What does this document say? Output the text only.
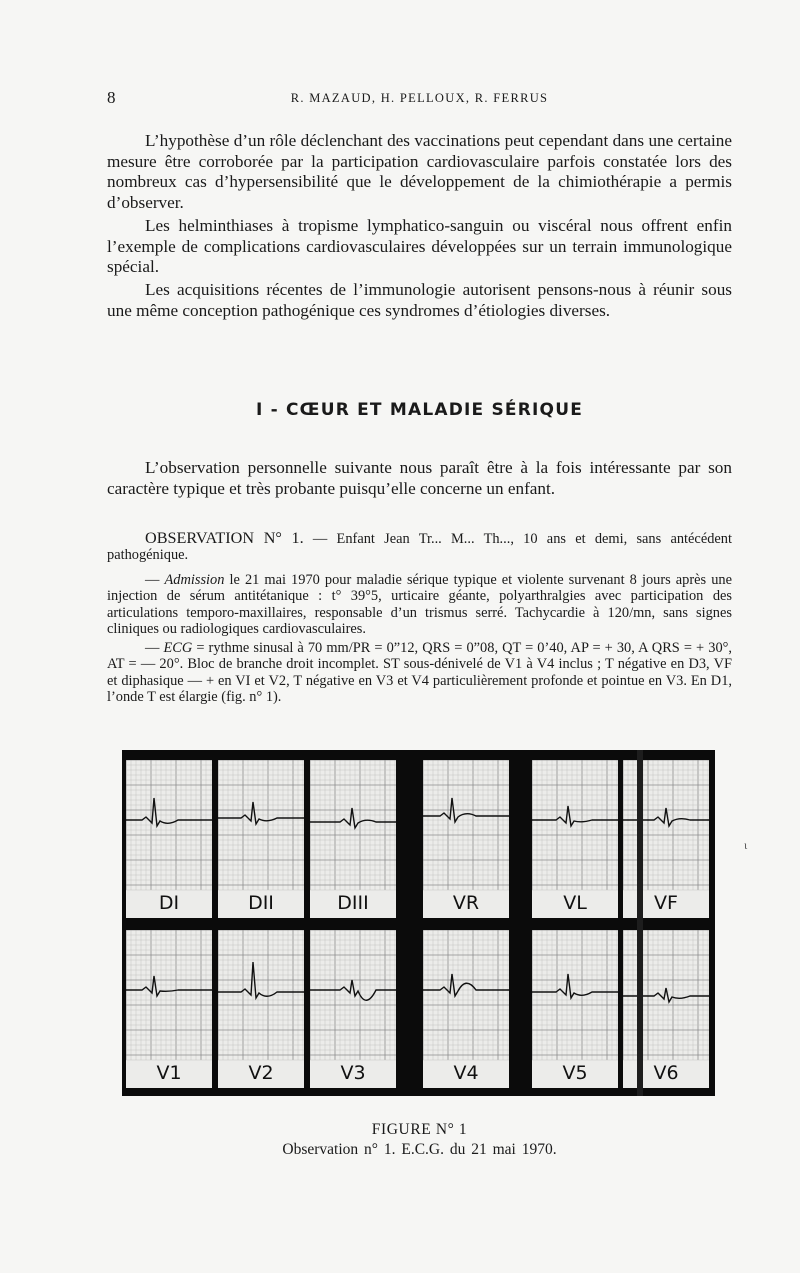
8	R. MAZAUD, H. PELLOUX, R. FERRUS

L’hypothèse d’un rôle déclenchant des vaccinations peut cependant dans une certaine mesure être corroborée par la participation cardiovasculaire parfois constatée lors des nombreux cas d’hypersensibilité que le développement de la chimiothérapie a permis d’observer.

Les helminthiases à tropisme lymphatico-sanguin ou viscéral nous offrent enfin l’exemple de complications cardiovasculaires développées sur un terrain immunologique spécial.

Les acquisitions récentes de l’immunologie autorisent pensons-nous à réunir sous une même conception pathogénique ces syndromes d’étiologies diverses.

I - CŒUR ET MALADIE SÉRIQUE

L’observation personnelle suivante nous paraît être à la fois intéressante par son caractère typique et très probante puisqu’elle concerne un enfant.

OBSERVATION N° 1. — Enfant Jean Tr... M... Th..., 10 ans et demi, sans antécédent pathogénique.

— Admission le 21 mai 1970 pour maladie sérique typique et violente survenant 8 jours après une injection de sérum antitétanique : t° 39°5, urticaire géante, polyarthralgies avec participation des articulations temporo-maxillaires, responsable d’un trismus serré. Tachycardie à 120/mn, sans signes cliniques ou radiologiques cardiovasculaires.

— ECG = rythme sinusal à 70 mm/PR = 0”12, QRS = 0”08, QT = 0’40, AP = + 30, A QRS = + 30°, AT = — 20°. Bloc de branche droit incomplet. ST sous-dénivelé de V1 à V4 inclus ; T négative en D3, VF et diphasique — + en VI et V2, T négative en V3 et V4 particulièrement profonde et pointue en V3. En D1, l’onde T est élargie (fig. n° 1).

DI	DII	DIII	VR	VL	VF
V1	V2	V3	V4	V5	V6
ι
FIGURE N° 1
Observation n° 1. E.C.G. du 21 mai 1970.
